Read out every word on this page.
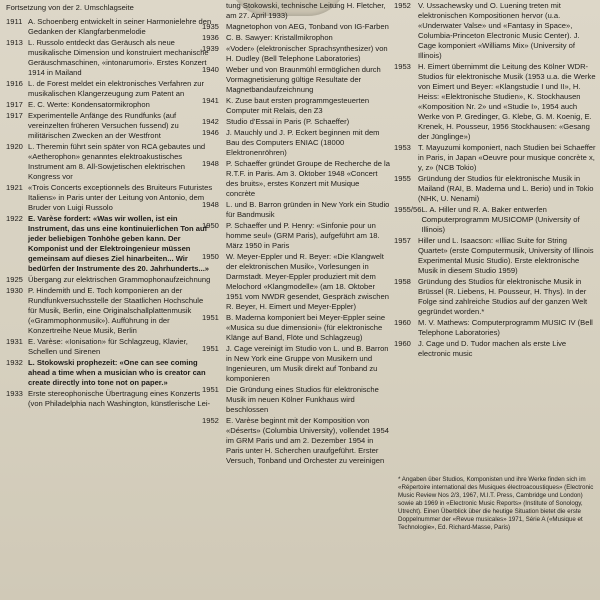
Fortsetzung von der 2. Umschlagseite
1911 A. Schoenberg entwickelt in seiner Harmonielehre den Gedanken der Klangfarbenmelodie
1913 L. Russolo entdeckt das Geräusch als neue musikalische Dimension und konstruiert mechanische Geräuschmaschinen, «intonarumori». Erstes Konzert 1914 in Mailand
1916 L. de Forest meldet ein elektronisches Verfahren zur musikalischen Klangerzeugung zum Patent an
1917 E. C. Werte: Kondensatormikrophon
1917 Experimentelle Anfänge des Rundfunks (auf vereinzelten früheren Versuchen fussend) zu militärischen Zwecken an der Westfront
1920 L. Theremin führt sein später von RCA gebautes und «Aetherophon» genanntes elektroakustisches Instrument am 8. All-Sowjetischen elektrischen Kongress vor
1921 «Trois Concerts exceptionnels des Bruiteurs Futuristes Italiens» in Paris unter der Leitung von Antonio, dem Bruder von Luigi Russolo
1922 E. Varèse fordert: «Was wir wollen, ist ein Instrument, das uns eine kontinuierlichen Ton auf jeder beliebigen Tonhöhe geben kann. Der Komponist und der Elektroingenieur müssen gemeinsam auf dieses Ziel hinarbeiten... Wir bedürfen der Instrumente des 20. Jahrhunderts...»
1925 Übergang zur elektrischen Grammophonaufzeichnung
1930 P. Hindemith und E. Toch komponieren an der Rundfunkversuchsstelle der Staatlichen Hochschule für Musik, Berlin, eine Originalschallplattenmusik («Grammophonmusik»). Aufführung in der Konzertreihe Neue Musik, Berlin
1931 E. Varèse: «Ionisation» für Schlagzeug, Klavier, Schellen und Sirenen
1932 L. Stokowski prophezeit: «One can see coming ahead a time when a musician who is creator can create directly into tone not on paper.»
1933 Erste stereophonische Übertragung eines Konzerts (von Philadelphia nach Washington, künstlerische Lei-
tung Stokowski, technische Leitung H. Fletcher, am 27. April 1933)
1935 Magnetophon von AEG, Tonband von IG-Farben
1936 C. B. Sawyer: Kristallmikrophon
1939 «Voder» (elektronischer Sprachsynthesizer) von H. Dudley (Bell Telephone Laboratories)
1940 Weber und von Braunmühl ermöglichen durch Vormagnetisierung gültige Resultate der Magnetbandaufzeichnung
1941 K. Zuse baut ersten programmgesteuerten Computer mit Relais, den Z3
1942 Studio d'Essai in Paris (P. Schaeffer)
1946 J. Mauchly und J. P. Eckert beginnen mit dem Bau des Computers ENIAC (18000 Elektronenröhren)
1948 P. Schaeffer gründet Groupe de Recherche de la R.T.F. in Paris. Am 3. Oktober 1948 «Concert des bruits», erstes Konzert mit Musique concrète
1948 L. und B. Barron gründen in New York ein Studio für Bandmusik
1950 P. Schaeffer und P. Henry: «Sinfonie pour un homme seul» (GRM Paris), aufgeführt am 18. März 1950 in Paris
1950 W. Meyer-Eppler und R. Beyer: «Die Klangwelt der elektronischen Musik», Vorlesungen in Darmstadt. Meyer-Eppler produziert mit dem Melochord «Klangmodelle» (am 18. Oktober 1951 vom NWDR gesendet, Gespräch zwischen R. Beyer, H. Eimert und Meyer-Eppler)
1951 B. Maderna komponiert bei Meyer-Eppler seine «Musica su due dimensioni» (für elektronische Klänge auf Band, Flöte und Schlagzeug)
1951 J. Cage vereinigt im Studio von L. und B. Barron in New York eine Gruppe von Musikern und Ingenieuren, um Musik direkt auf Tonband zu komponieren
1951 Die Gründung eines Studios für elektronische Musik im neuen Kölner Funkhaus wird beschlossen
1952 E. Varèse beginnt mit der Komposition von «Déserts» (Columbia University), vollendet 1954 im GRM Paris und am 2. Dezember 1954 in Paris unter H. Scherchen uraufgeführt. Erster Versuch, Tonband und Orchester zu vereinigen
1952 V. Ussachewsky und O. Luening treten mit elektronischen Kompositionen hervor (u.a. «Underwater Valse» und «Fantasy in Space», Columbia-Princeton Electronic Music Center). J. Cage komponiert «Williams Mix» (University of Illinois)
1953 H. Eimert übernimmt die Leitung des Kölner WDR-Studios für elektronische Musik (1953 u.a. die Werke von Eimert und Beyer: «Klangstudie I und II», H. Heiss: «Elektronische Studien», K. Stockhausen «Komposition Nr. 2» und «Studie I», 1954 auch Werke von P. Gredinger, G. Klebe, G. M. Koenig, E. Krenek, H. Pousseur, 1956 Stockhausen: «Gesang der Jünglinge»)
1953 T. Mayuzumi komponiert, nach Studien bei Schaeffer in Paris, in Japan «Oeuvre pour musique concrète x, y, z» (NCB Tokio)
1955 Gründung der Studios für elektronische Musik in Mailand (RAI, B. Maderna und L. Berio) und in Tokio (NHK, U. Nenami)
1955/56 L. A. Hiller und R. A. Baker entwerfen Computerprogramm MUSICOMP (University of Illinois)
1957 Hiller und L. Isaacson: «Illiac Suite for String Quartet» (erste Computermusik, University of Illinois Experimental Music Studio). Erste elektronische Musik in diesem Studio 1959)
1958 Gründung des Studios für elektronische Musik in Brüssel (R. Liebens, H. Pousseur, H. Thys). In der Folge sind zahlreiche Studios auf der ganzen Welt gegründet worden.*
1960 M. V. Mathews: Computerprogramm MUSIC IV (Bell Telephone Laboratories)
1960 J. Cage und D. Tudor machen als erste Live electronic music
* Angaben über Studios, Komponisten und ihre Werke finden sich im «Répertoire international des Musiques électroacoustiques» (Electronic Music Review Nos 2/3, 1967, M.I.T. Press, Cambridge und London) sowie ab 1969 in «Electronic Music Reports» (Institute of Sonology, Utrecht). Einen Überblick über die heutige Situation bietet die erste Doppelnummer der «Revue musicales» 1971, Série A («Musique et Technologie», Ed. Richard-Masse, Paris)
